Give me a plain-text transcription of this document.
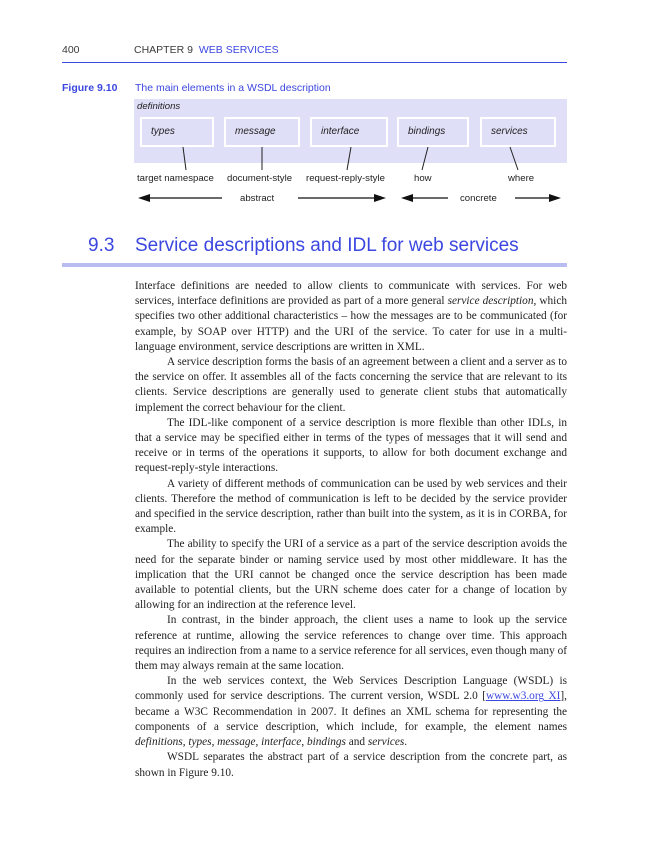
400	CHAPTER 9 WEB SERVICES
Figure 9.10 The main elements in a WSDL description
definitions
types	message	interface	bindings	services
target namespace document-style request-reply-style	how	where
abstract	concrete
9.3 Service descriptions and IDL for web services

Interface definitions are needed to allow clients to communicate with services. For web services, interface definitions are provided as part of a more general service description, which specifies two other additional characteristics – how the messages are to be communicated (for example, by SOAP over HTTP) and the URI of the service. To cater for use in a multi-language environment, service descriptions are written in XML.

A service description forms the basis of an agreement between a client and a server as to the service on offer. It assembles all of the facts concerning the service that are relevant to its clients. Service descriptions are generally used to generate client stubs that automatically implement the correct behaviour for the client.

The IDL-like component of a service description is more flexible than other IDLs, in that a service may be specified either in terms of the types of messages that it will send and receive or in terms of the operations it supports, to allow for both document exchange and request-reply-style interactions.

A variety of different methods of communication can be used by web services and their clients. Therefore the method of communication is left to be decided by the service provider and specified in the service description, rather than built into the system, as it is in CORBA, for example.

The ability to specify the URI of a service as a part of the service description avoids the need for the separate binder or naming service used by most other middleware. It has the implication that the URI cannot be changed once the service description has been made available to potential clients, but the URN scheme does cater for a change of location by allowing for an indirection at the reference level.

In contrast, in the binder approach, the client uses a name to look up the service reference at runtime, allowing the service references to change over time. This approach requires an indirection from a name to a service reference for all services, even though many of them may always remain at the same location.

In the web services context, the Web Services Description Language (WSDL) is commonly used for service descriptions. The current version, WSDL 2.0 [www.w3.org XI], became a W3C Recommendation in 2007. It defines an XML schema for representing the components of a service description, which include, for example, the element names definitions, types, message, interface, bindings and services.

WSDL separates the abstract part of a service description from the concrete part, as shown in Figure 9.10.
